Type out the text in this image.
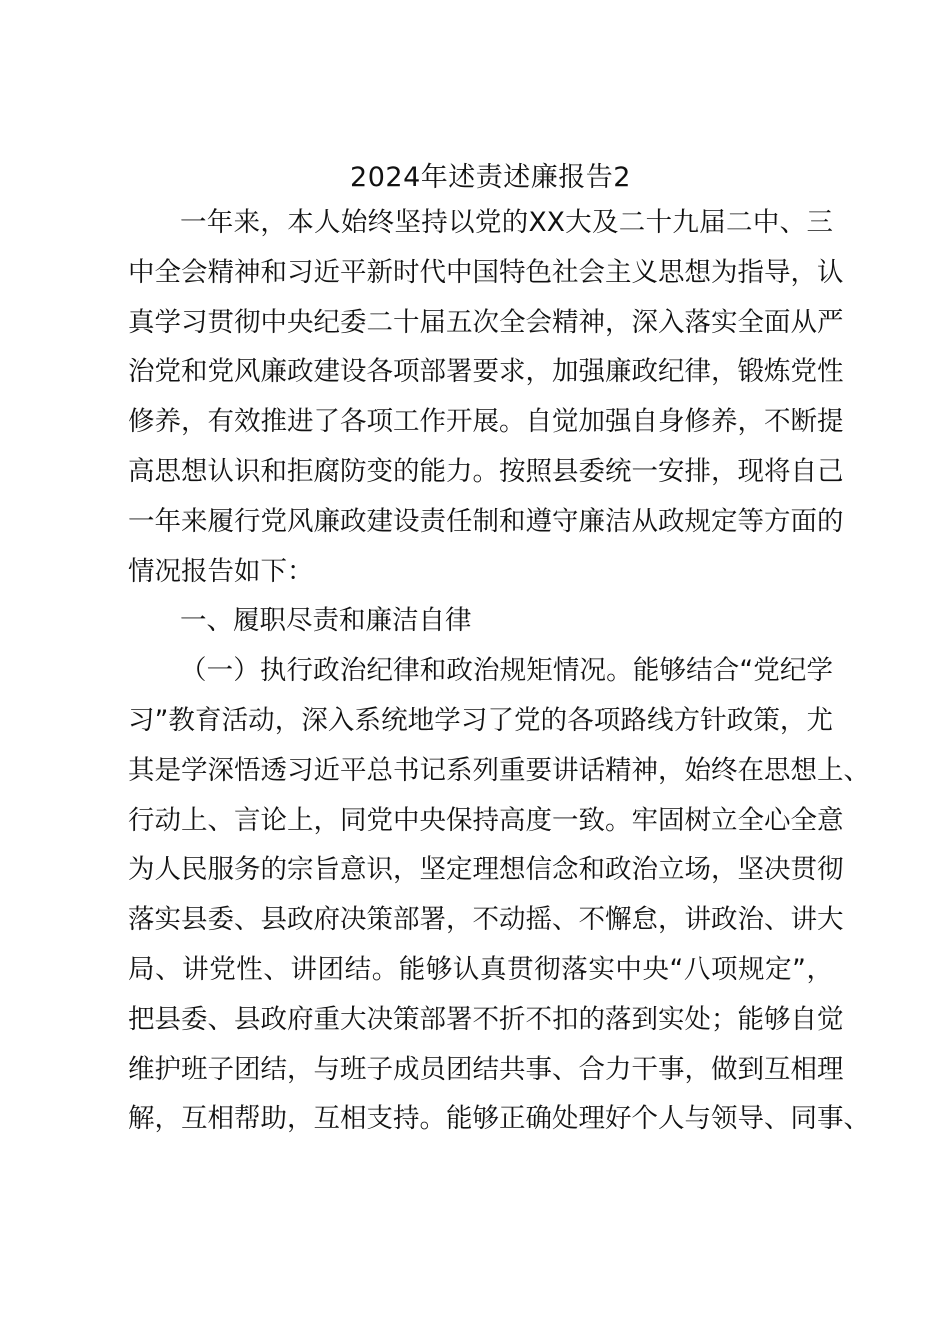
2024年述责述廉报告2
一年来，本人始终坚持以党的XX大及二十九届二中、三
中全会精神和习近平新时代中国特色社会主义思想为指导，认
真学习贯彻中央纪委二十届五次全会精神，深入落实全面从严
治党和党风廉政建设各项部署要求，加强廉政纪律，锻炼党性
修养，有效推进了各项工作开展。自觉加强自身修养，不断提
高思想认识和拒腐防变的能力。按照县委统一安排，现将自己
一年来履行党风廉政建设责任制和遵守廉洁从政规定等方面的
情况报告如下：
一、履职尽责和廉洁自律
（一）执行政治纪律和政治规矩情况。能够结合“党纪学
习”教育活动，深入系统地学习了党的各项路线方针政策，尤
其是学深悟透习近平总书记系列重要讲话精神，始终在思想上、
行动上、言论上，同党中央保持高度一致。牢固树立全心全意
为人民服务的宗旨意识，坚定理想信念和政治立场，坚决贯彻
落实县委、县政府决策部署，不动摇、不懈怠，讲政治、讲大
局、讲党性、讲团结。能够认真贯彻落实中央“八项规定”，
把县委、县政府重大决策部署不折不扣的落到实处；能够自觉
维护班子团结，与班子成员团结共事、合力干事，做到互相理
解，互相帮助，互相支持。能够正确处理好个人与领导、同事、
